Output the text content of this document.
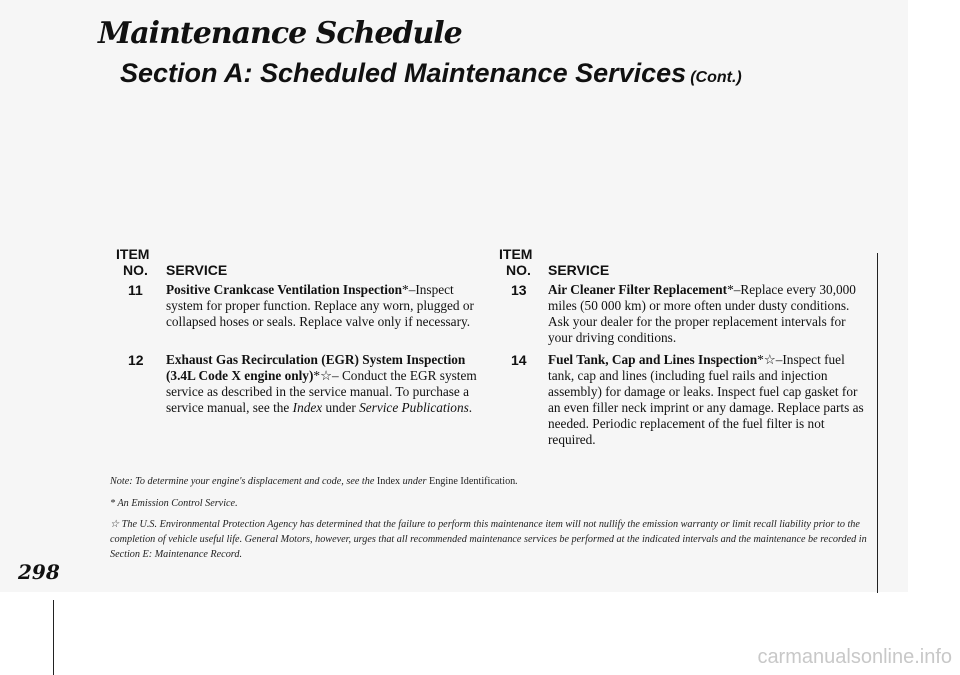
Maintenance Schedule
Section A: Scheduled Maintenance Services (Cont.)
ITEM
NO. SERVICE
ITEM
NO. SERVICE
11 Positive Crankcase Ventilation Inspection*–Inspect system for proper function. Replace any worn, plugged or collapsed hoses or seals. Replace valve only if necessary.
12 Exhaust Gas Recirculation (EGR) System Inspection (3.4L Code X engine only)*☆– Conduct the EGR system service as described in the service manual. To purchase a service manual, see the Index under Service Publications.
13 Air Cleaner Filter Replacement*–Replace every 30,000 miles (50 000 km) or more often under dusty conditions. Ask your dealer for the proper replacement intervals for your driving conditions.
14 Fuel Tank, Cap and Lines Inspection*☆–Inspect fuel tank, cap and lines (including fuel rails and injection assembly) for damage or leaks. Inspect fuel cap gasket for an even filler neck imprint or any damage. Replace parts as needed. Periodic replacement of the fuel filter is not required.
Note: To determine your engine's displacement and code, see the Index under Engine Identification.
* An Emission Control Service.
☆ The U.S. Environmental Protection Agency has determined that the failure to perform this maintenance item will not nullify the emission warranty or limit recall liability prior to the completion of vehicle useful life. General Motors, however, urges that all recommended maintenance services be performed at the indicated intervals and the maintenance be recorded in Section E: Maintenance Record.
298
carmanualsonline.info
